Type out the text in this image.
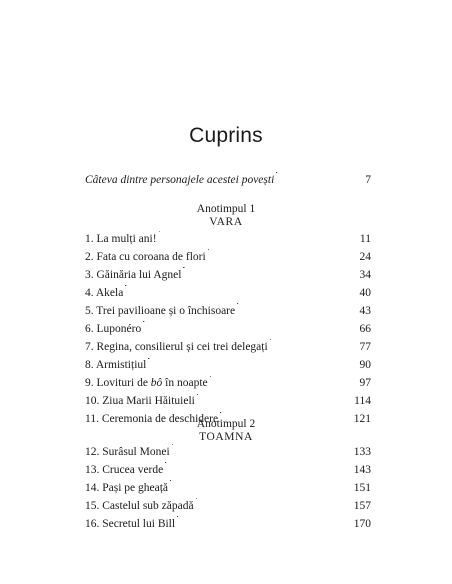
Cuprins
Câteva dintre personajele acestei povești . . .	7
Anotimpul 1
VARA
1. La mulți ani! . . .	11
2. Fata cu coroana de flori . . .	24
3. Găinăria lui Agnel . . .	34
4. Akela . . .	40
5. Trei pavilioane și o închisoare . . .	43
6. Luponéro . . .	66
7. Regina, consilierul și cei trei delegați . . .	77
8. Armistițiul . . .	90
9. Lovituri de bô în noapte . . .	97
10. Ziua Marii Hăituieli . . .	114
11. Ceremonia de deschidere . . .	121
Anotimpul 2
TOAMNA
12. Surâsul Monei . . .	133
13. Crucea verde . . .	143
14. Pași pe gheață . . .	151
15. Castelul sub zăpadă . . .	157
16. Secretul lui Bill . . .	170
